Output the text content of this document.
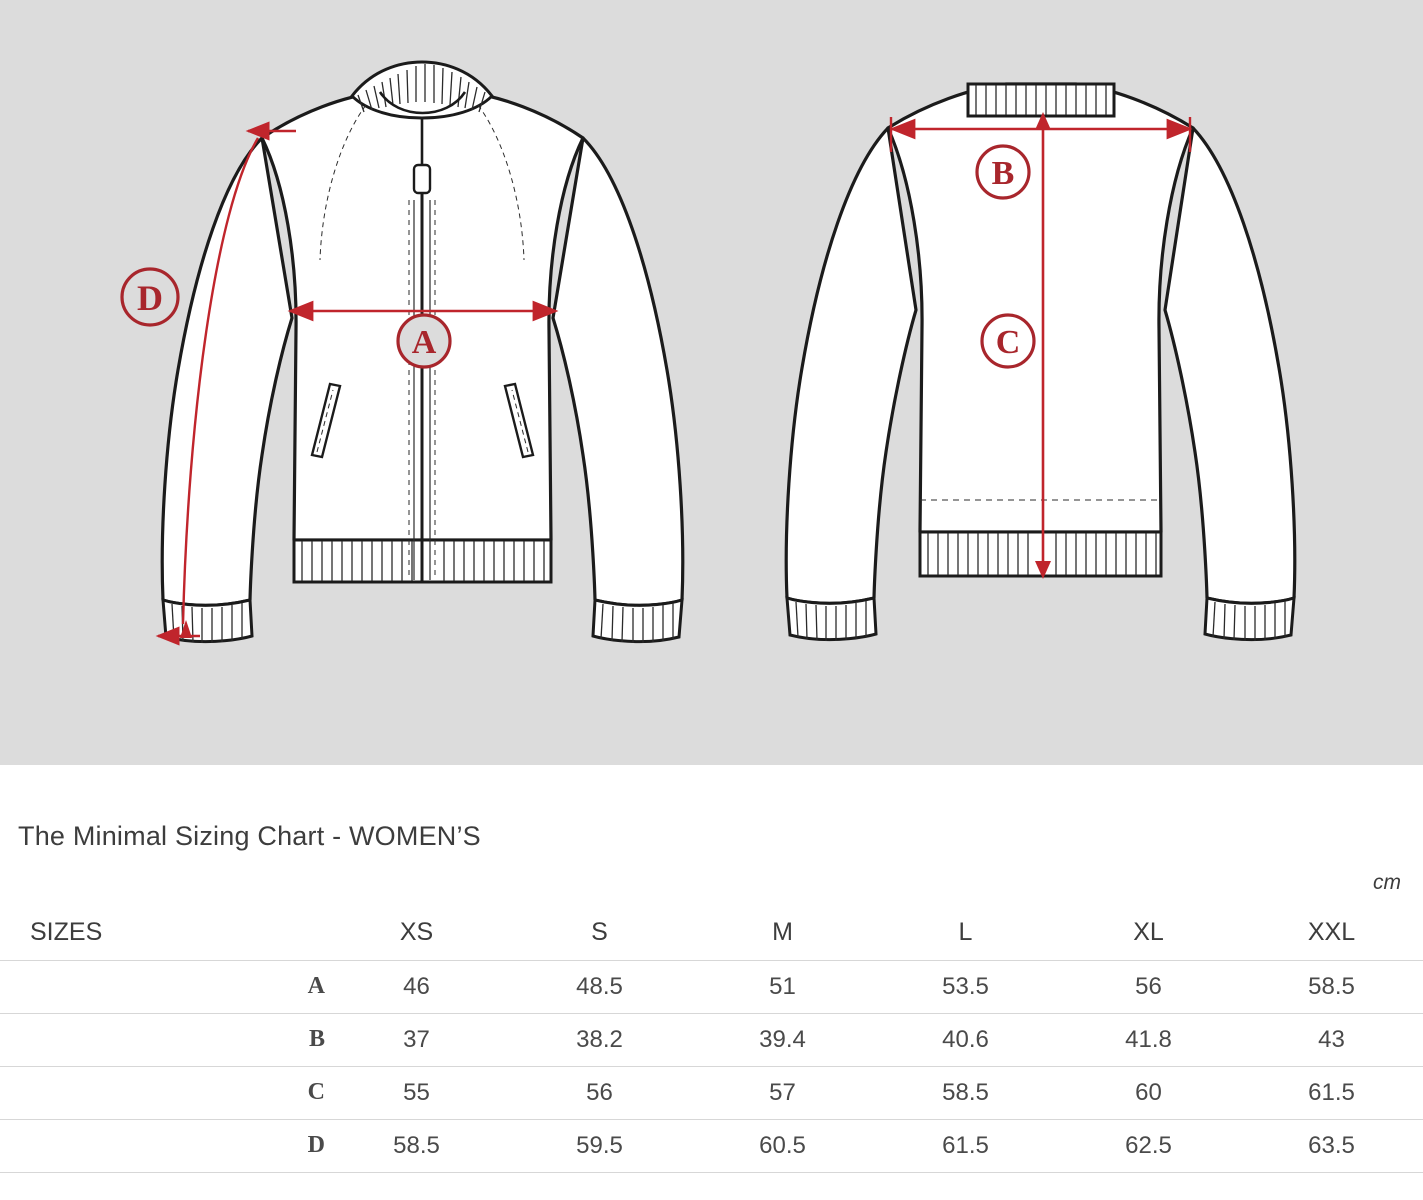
A
D
B
C
The Minimal Sizing Chart - WOMEN’S
cm
SIZES	XS	S	M	L	XL	XXL
A	46	48.5	51	53.5	56	58.5
B	37	38.2	39.4	40.6	41.8	43
C	55	56	57	58.5	60	61.5
D	58.5	59.5	60.5	61.5	62.5	63.5
